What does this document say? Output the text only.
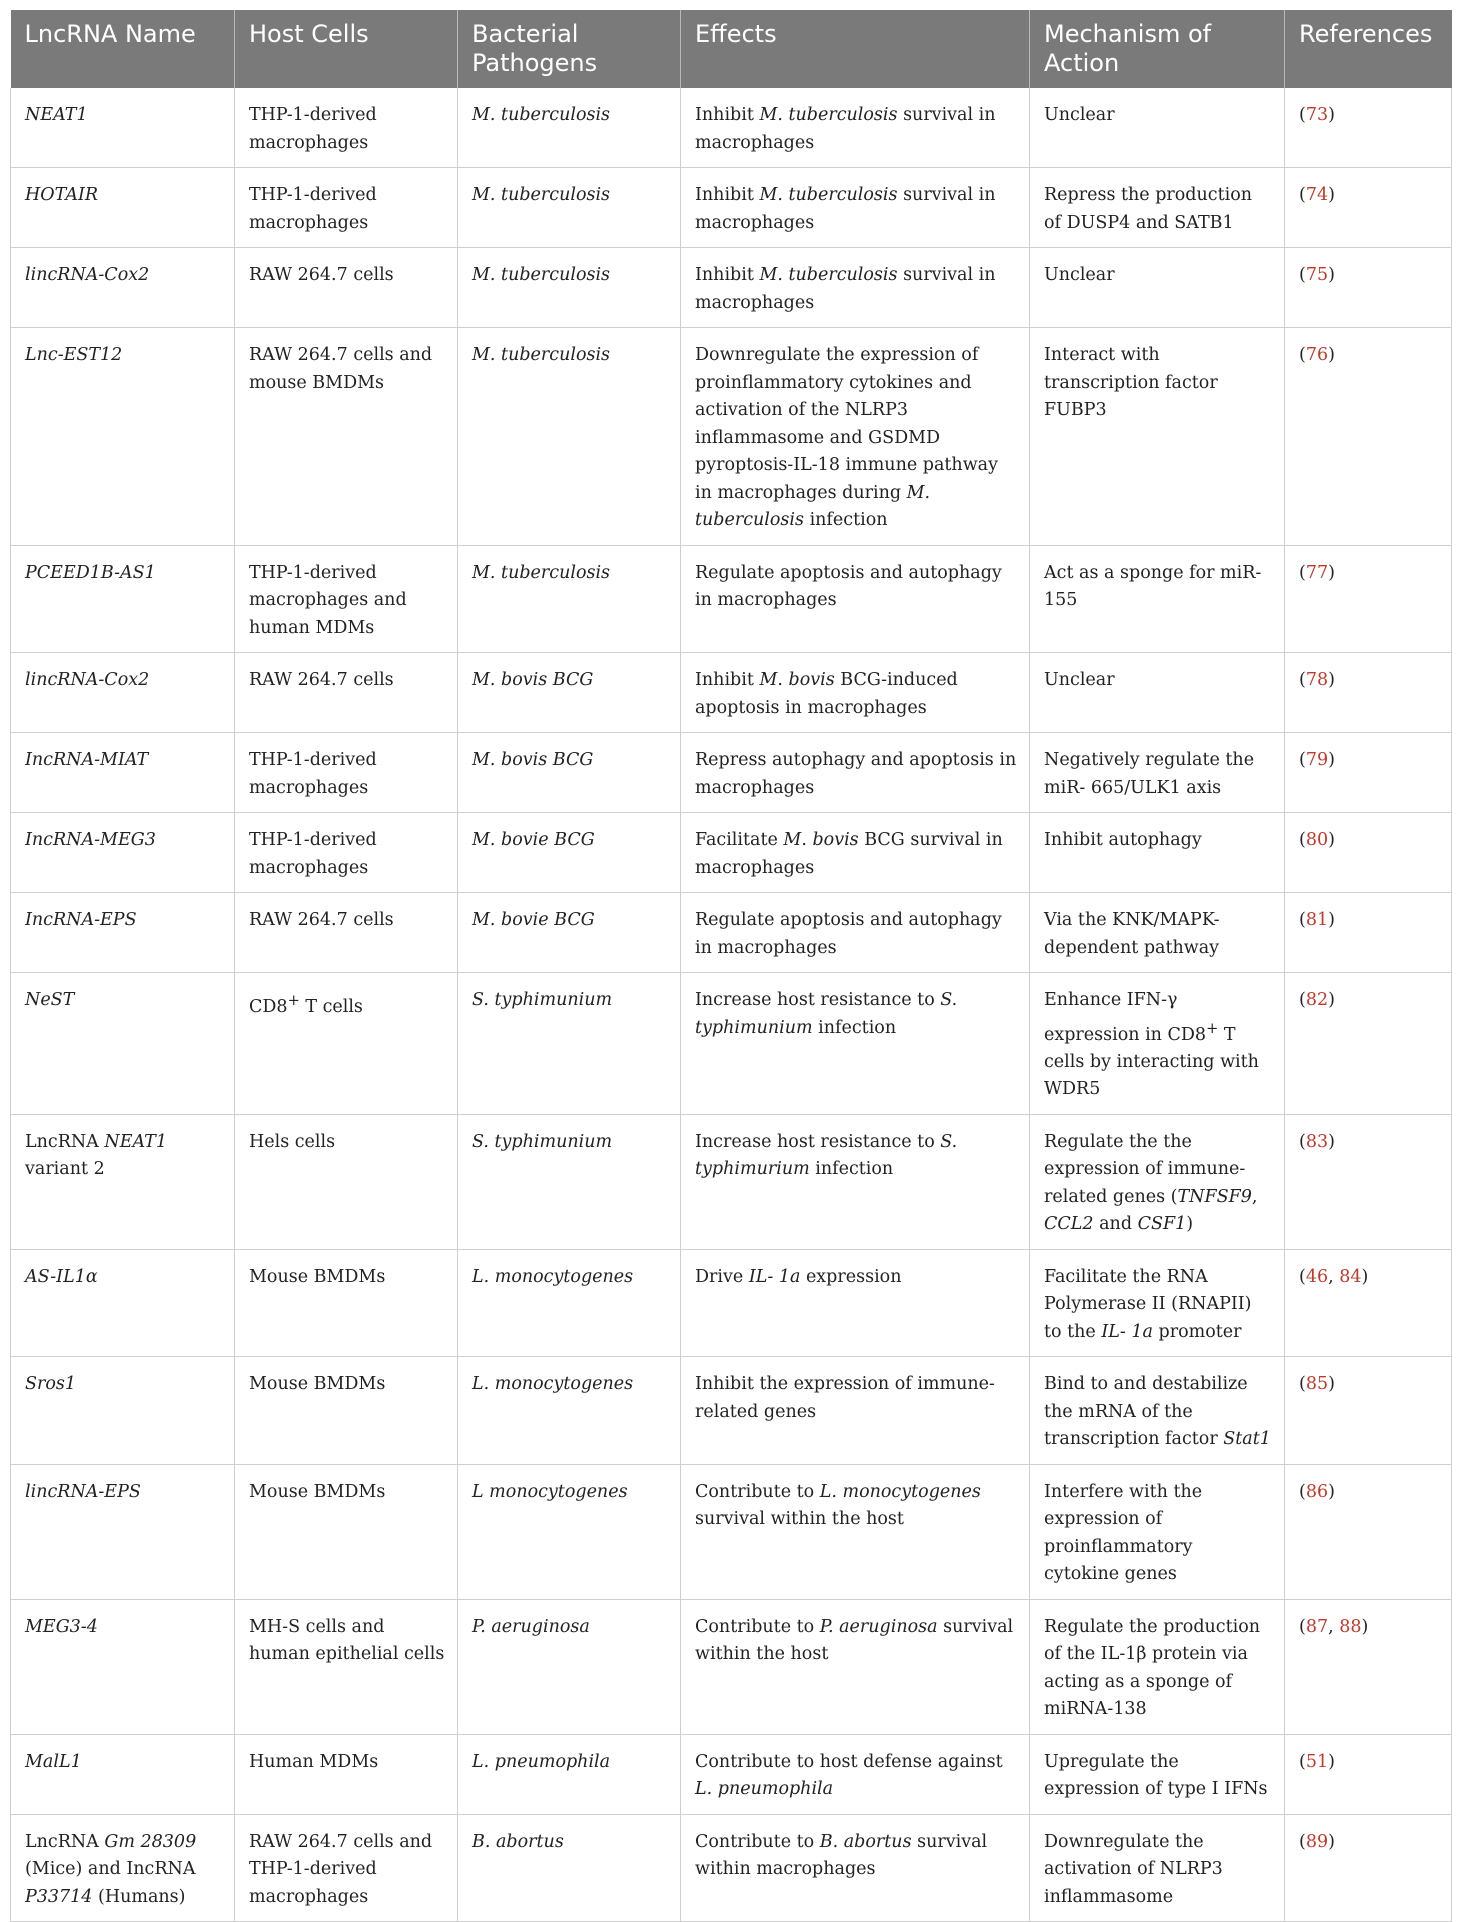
LncRNA Name	Host Cells	Bacterial Pathogens	Effects	Mechanism of Action	References
NEAT1	THP-1-derived macrophages	M. tuberculosis	Inhibit M. tuberculosis survival in macrophages	Unclear	(73)
HOTAIR	THP-1-derived macrophages	M. tuberculosis	Inhibit M. tuberculosis survival in macrophages	Repress the production of DUSP4 and SATB1	(74)
lincRNA-Cox2	RAW 264.7 cells	M. tuberculosis	Inhibit M. tuberculosis survival in macrophages	Unclear	(75)
Lnc-EST12	RAW 264.7 cells and mouse BMDMs	M. tuberculosis	Downregulate the expression of proinflammatory cytokines and activation of the NLRP3 inflammasome and GSDMD pyroptosis-IL-18 immune pathway in macrophages during M. tuberculosis infection	Interact with transcription factor FUBP3	(76)
PCEED1B-AS1	THP-1-derived macrophages and human MDMs	M. tuberculosis	Regulate apoptosis and autophagy in macrophages	Act as a sponge for miR-155	(77)
lincRNA-Cox2	RAW 264.7 cells	M. bovis BCG	Inhibit M. bovis BCG-induced apoptosis in macrophages	Unclear	(78)
IncRNA-MIAT	THP-1-derived macrophages	M. bovis BCG	Repress autophagy and apoptosis in macrophages	Negatively regulate the miR- 665/ULK1 axis	(79)
IncRNA-MEG3	THP-1-derived macrophages	M. bovie BCG	Facilitate M. bovis BCG survival in macrophages	Inhibit autophagy	(80)
IncRNA-EPS	RAW 264.7 cells	M. bovie BCG	Regulate apoptosis and autophagy in macrophages	Via the KNK/MAPK-dependent pathway	(81)
NeST	CD8+ T cells	S. typhimunium	Increase host resistance to S. typhimunium infection	Enhance IFN-γ expression in CD8+ T cells by interacting with WDR5	(82)
LncRNA NEAT1 variant 2	Hels cells	S. typhimunium	Increase host resistance to S. typhimurium infection	Regulate the the expression of immune-related genes (TNFSF9, CCL2 and CSF1)	(83)
AS-IL1α	Mouse BMDMs	L. monocytogenes	Drive IL- 1a expression	Facilitate the RNA Polymerase II (RNAPII) to the IL- 1a promoter	(46, 84)
Sros1	Mouse BMDMs	L. monocytogenes	Inhibit the expression of immune-related genes	Bind to and destabilize the mRNA of the transcription factor Stat1	(85)
lincRNA-EPS	Mouse BMDMs	L monocytogenes	Contribute to L. monocytogenes survival within the host	Interfere with the expression of proinflammatory cytokine genes	(86)
MEG3-4	MH-S cells and human epithelial cells	P. aeruginosa	Contribute to P. aeruginosa survival within the host	Regulate the production of the IL-1β protein via acting as a sponge of miRNA-138	(87, 88)
MalL1	Human MDMs	L. pneumophila	Contribute to host defense against L. pneumophila	Upregulate the expression of type I IFNs	(51)
LncRNA Gm 28309 (Mice) and IncRNA P33714 (Humans)	RAW 264.7 cells and THP-1-derived macrophages	B. abortus	Contribute to B. abortus survival within macrophages	Downregulate the activation of NLRP3 inflammasome	(89)
